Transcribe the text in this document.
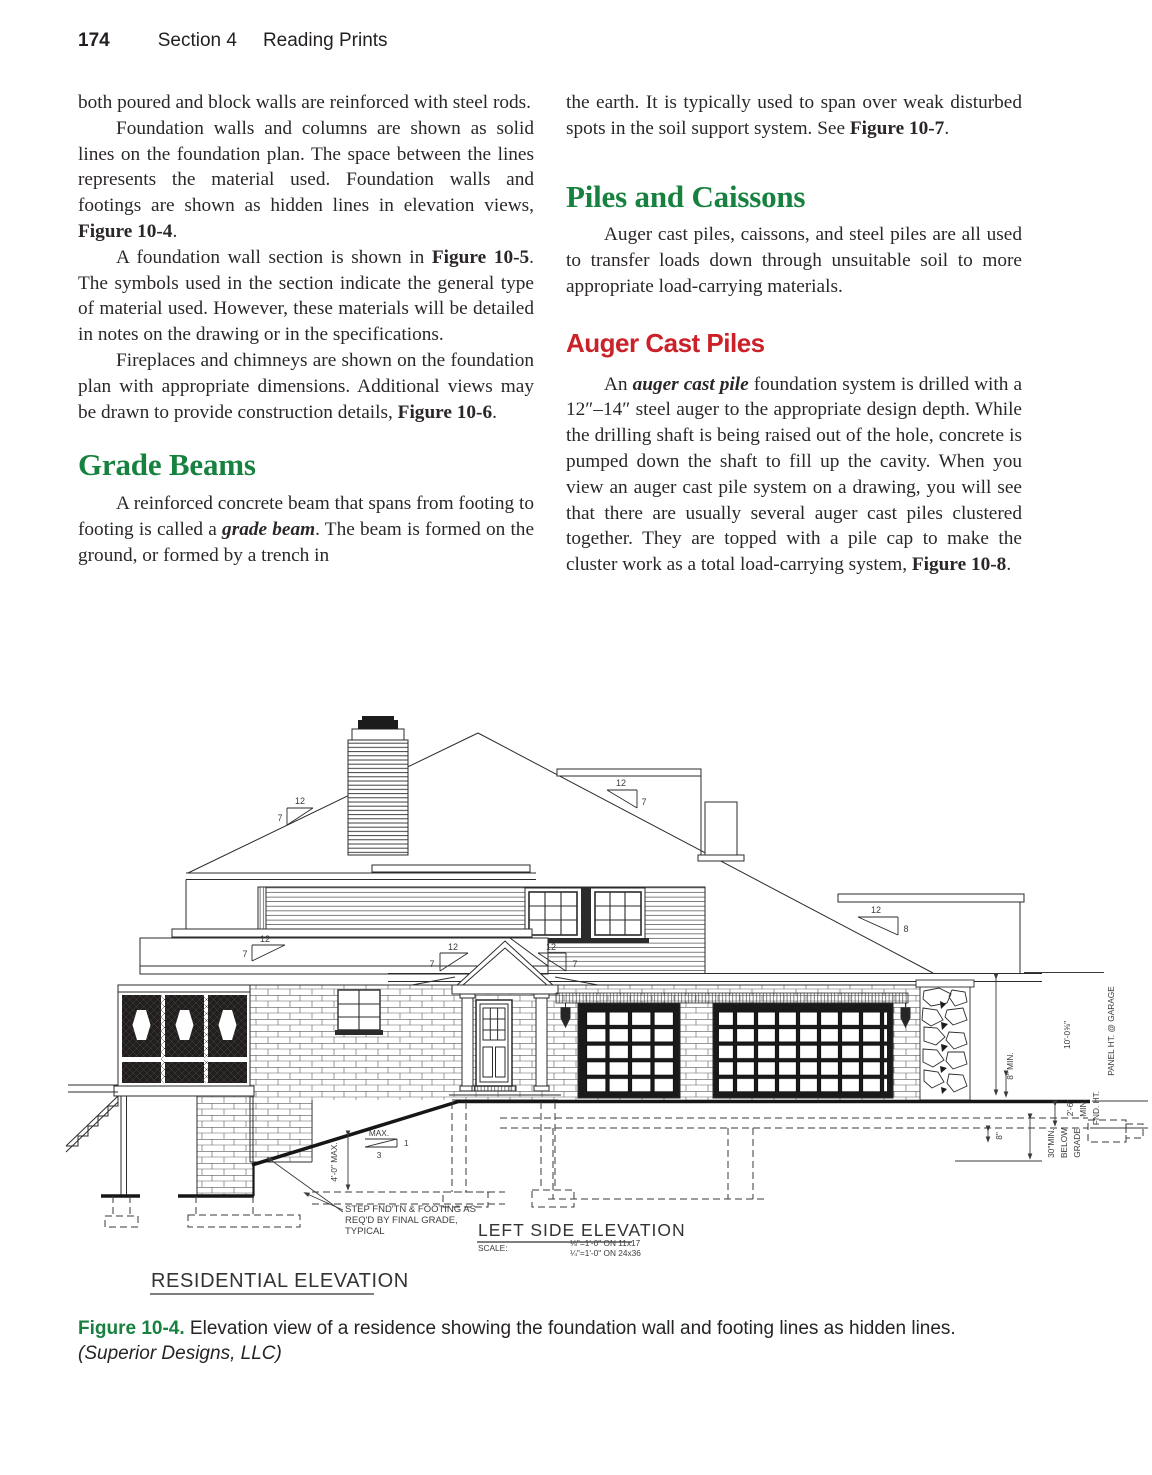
174	Section 4 Reading Prints

both poured and block walls are reinforced with steel rods.

Foundation walls and columns are shown as solid lines on the foundation plan. The space between the lines represents the material used. Foundation walls and footings are shown as hidden lines in elevation views, Figure 10-4.

A foundation wall section is shown in Figure 10-5. The symbols used in the section indicate the general type of material used. However, these materials will be detailed in notes on the drawing or in the specifications.

Fireplaces and chimneys are shown on the foundation plan with appropriate dimensions. Additional views may be drawn to provide construction details, Figure 10-6.

Grade Beams

A reinforced concrete beam that spans from footing to footing is called a grade beam. The beam is formed on the ground, or formed by a trench in

the earth. It is typically used to span over weak disturbed spots in the soil support system. See Figure 10-7.

Piles and Caissons

Auger cast piles, caissons, and steel piles are all used to transfer loads down through unsuitable soil to more appropriate load-carrying materials.

Auger Cast Piles

An auger cast pile foundation system is drilled with a 12″–14″ steel auger to the appropriate design depth. While the drilling shaft is being raised out of the hole, concrete is pumped down the shaft to fill up the cavity. When you view an auger cast pile system on a drawing, you will see that there are usually several auger cast piles clustered together. They are topped with a pile cap to make the cluster work as a total load-carrying system, Figure 10-8.

12
7
12
7
12
8
12
7
12
7
12
7
MAX.
1
3
10'-0⅝"	PANEL HT. @ GARAGE
8" MIN.
2'-6" MIN. FND. HT.
8"	30"MIN. BELOW GRADE
4'-0" MAX.
STEP FND'TN & FOOTING AS
REQ'D BY FINAL GRADE,
TYPICAL	LEFT SIDE ELEVATION
SCALE:	⅛"=1'-0" ON 11x17
¼"=1'-0" ON 24x36
RESIDENTIAL ELEVATION
Figure 10-4. Elevation view of a residence showing the foundation wall and footing lines as hidden lines.
(Superior Designs, LLC)
